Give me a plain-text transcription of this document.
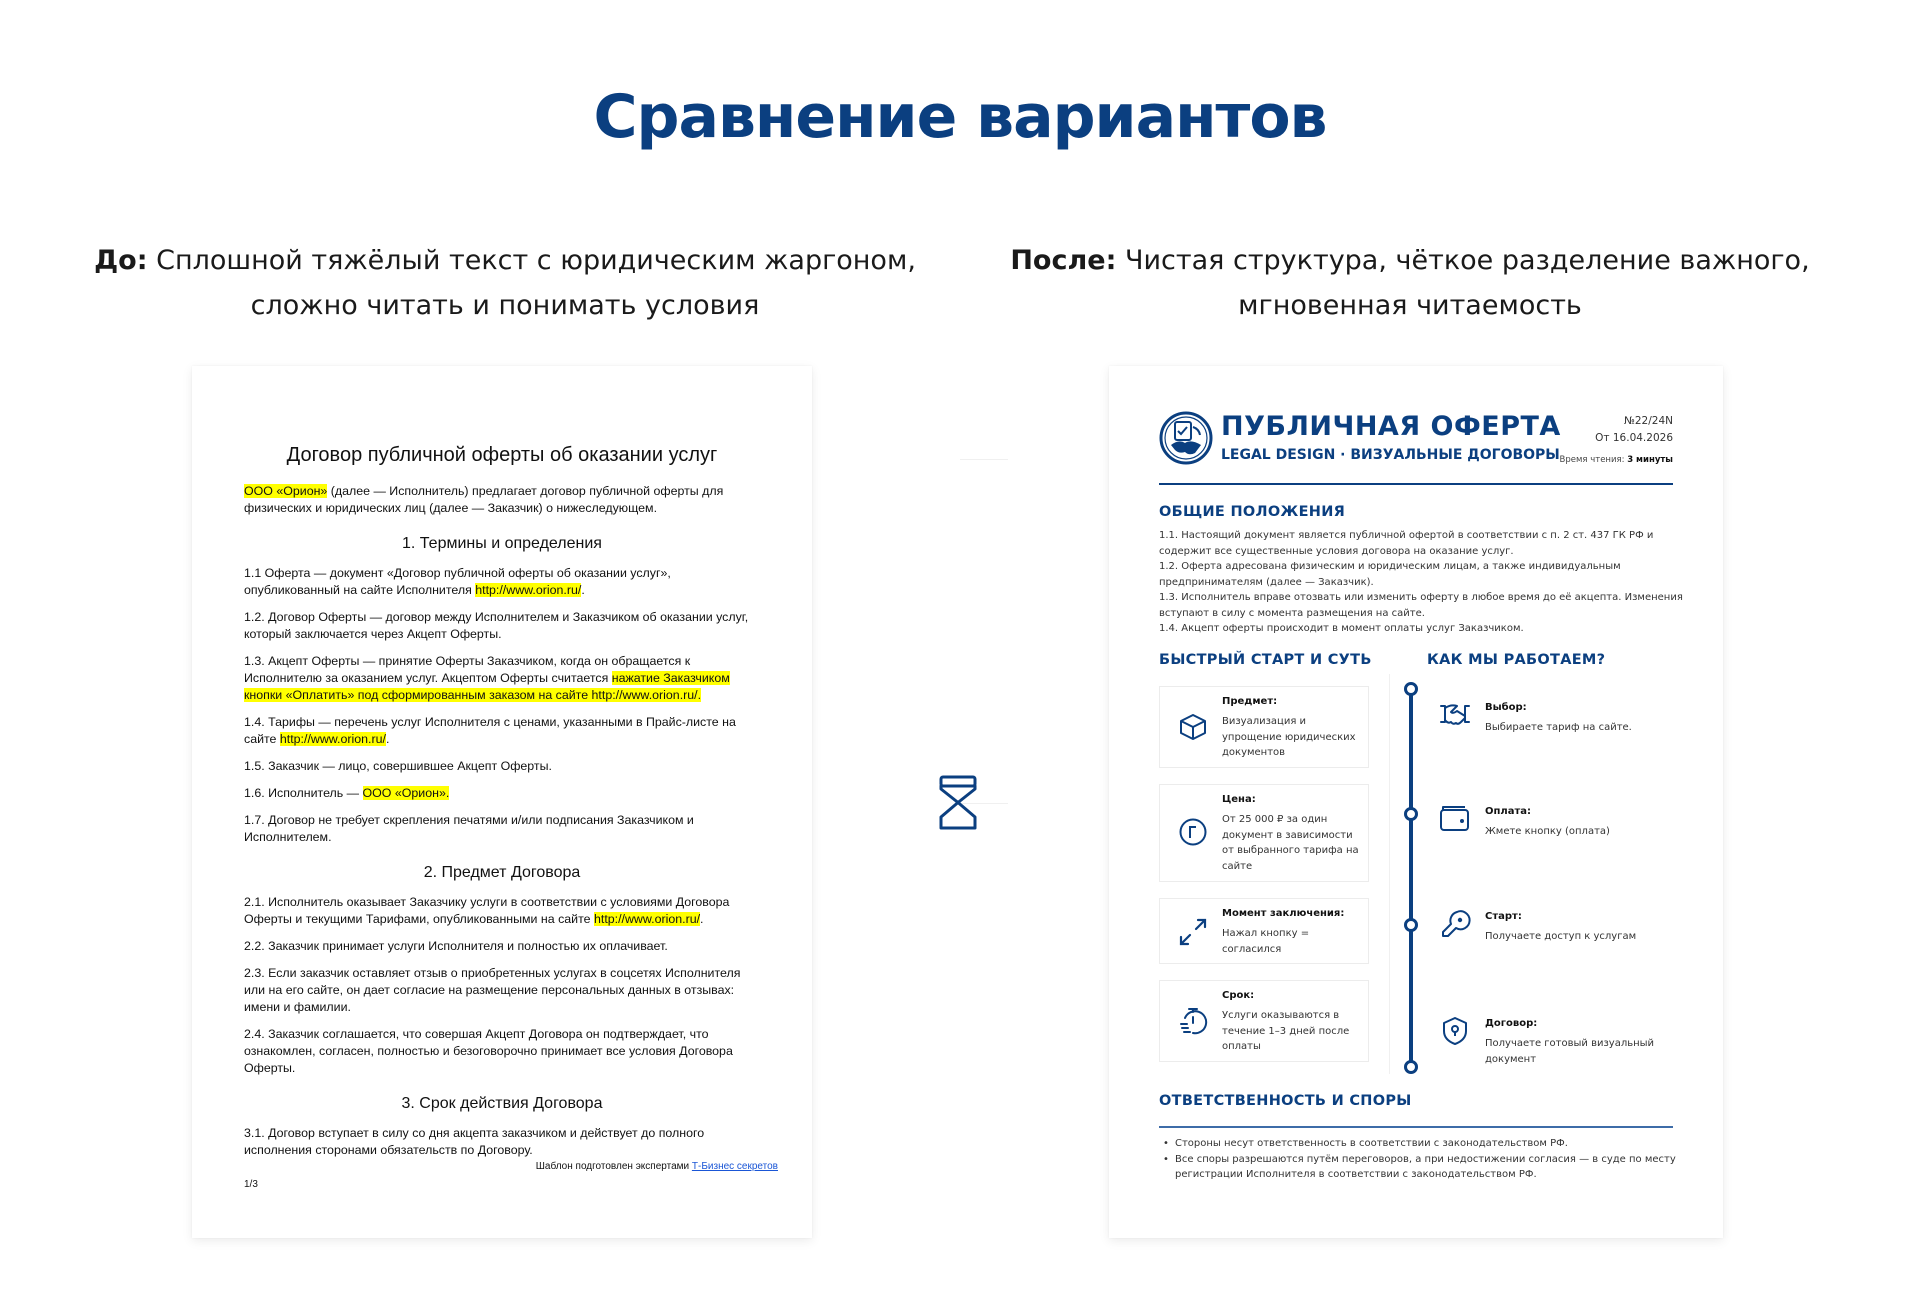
Сравнение вариантов
До: Сплошной тяжёлый текст с юридическим жаргоном, сложно читать и понимать условия
После: Чистая структура, чёткое разделение важного, мгновенная читаемость
Договор публичной оферты об оказании услуг

ООО «Орион» (далее — Исполнитель) предлагает договор публичной оферты для физических и юридических лиц (далее — Заказчик) о нижеследующем.

1. Термины и определения

1.1 Оферта — документ «Договор публичной оферты об оказании услуг», опубликованный на сайте Исполнителя http://www.orion.ru/.

1.2. Договор Оферты — договор между Исполнителем и Заказчиком об оказании услуг, который заключается через Акцепт Оферты.

1.3. Акцепт Оферты — принятие Оферты Заказчиком, когда он обращается к Исполнителю за оказанием услуг. Акцептом Оферты считается нажатие Заказчиком кнопки «Оплатить» под сформированным заказом на сайте http://www.orion.ru/.

1.4. Тарифы — перечень услуг Исполнителя с ценами, указанными в Прайс-листе на сайте http://www.orion.ru/.

1.5. Заказчик — лицо, совершившее Акцепт Оферты.

1.6. Исполнитель — ООО «Орион».

1.7. Договор не требует скрепления печатями и/или подписания Заказчиком и Исполнителем.

2. Предмет Договора

2.1. Исполнитель оказывает Заказчику услуги в соответствии с условиями Договора Оферты и текущими Тарифами, опубликованными на сайте http://www.orion.ru/.

2.2. Заказчик принимает услуги Исполнителя и полностью их оплачивает.

2.3. Если заказчик оставляет отзыв о приобретенных услугах в соцсетях Исполнителя или на его сайте, он дает согласие на размещение персональных данных в отзывах: имени и фамилии.

2.4. Заказчик соглашается, что совершая Акцепт Договора он подтверждает, что ознакомлен, согласен, полностью и безоговорочно принимает все условия Договора Оферты.

3. Срок действия Договора

3.1. Договор вступает в силу со дня акцепта заказчиком и действует до полного исполнения сторонами обязательств по Договору.

Шаблон подготовлен экспертами Т-Бизнес секретов
1/3
ПУБЛИЧНАЯ ОФЕРТА
LEGAL DESIGN · ВИЗУАЛЬНЫЕ ДОГОВОРЫ
№22/24N
От 16.04.2026
Время чтения: 3 минуты
ОБЩИЕ ПОЛОЖЕНИЯ
1.1. Настоящий документ является публичной офертой в соответствии с п. 2 ст. 437 ГК РФ и содержит все существенные условия договора на оказание услуг.
1.2. Оферта адресована физическим и юридическим лицам, а также индивидуальным предпринимателям (далее — Заказчик).
1.3. Исполнитель вправе отозвать или изменить оферту в любое время до её акцепта. Изменения вступают в силу с момента размещения на сайте.
1.4. Акцепт оферты происходит в момент оплаты услуг Заказчиком.
БЫСТРЫЙ СТАРТ И СУТЬ	КАК МЫ РАБОТАЕМ?
Предмет:
Визуализация и упрощение юридических документов
Цена:
От 25 000 ₽ за один документ в зависимости от выбранного тарифа на сайте
Момент заключения:
Нажал кнопку = согласился
Срок:
Услуги оказываются в течение 1–3 дней после оплаты
Выбор:
Выбираете тариф на сайте.
Оплата:
Жмете кнопку (оплата)
Старт:
Получаете доступ к услугам
Договор:
Получаете готовый визуальный документ
ОТВЕТСТВЕННОСТЬ И СПОРЫ
• Стороны несут ответственность в соответствии с законодательством РФ.
• Все споры разрешаются путём переговоров, а при недостижении согласия — в суде по месту регистрации Исполнителя в соответствии с законодательством РФ.
